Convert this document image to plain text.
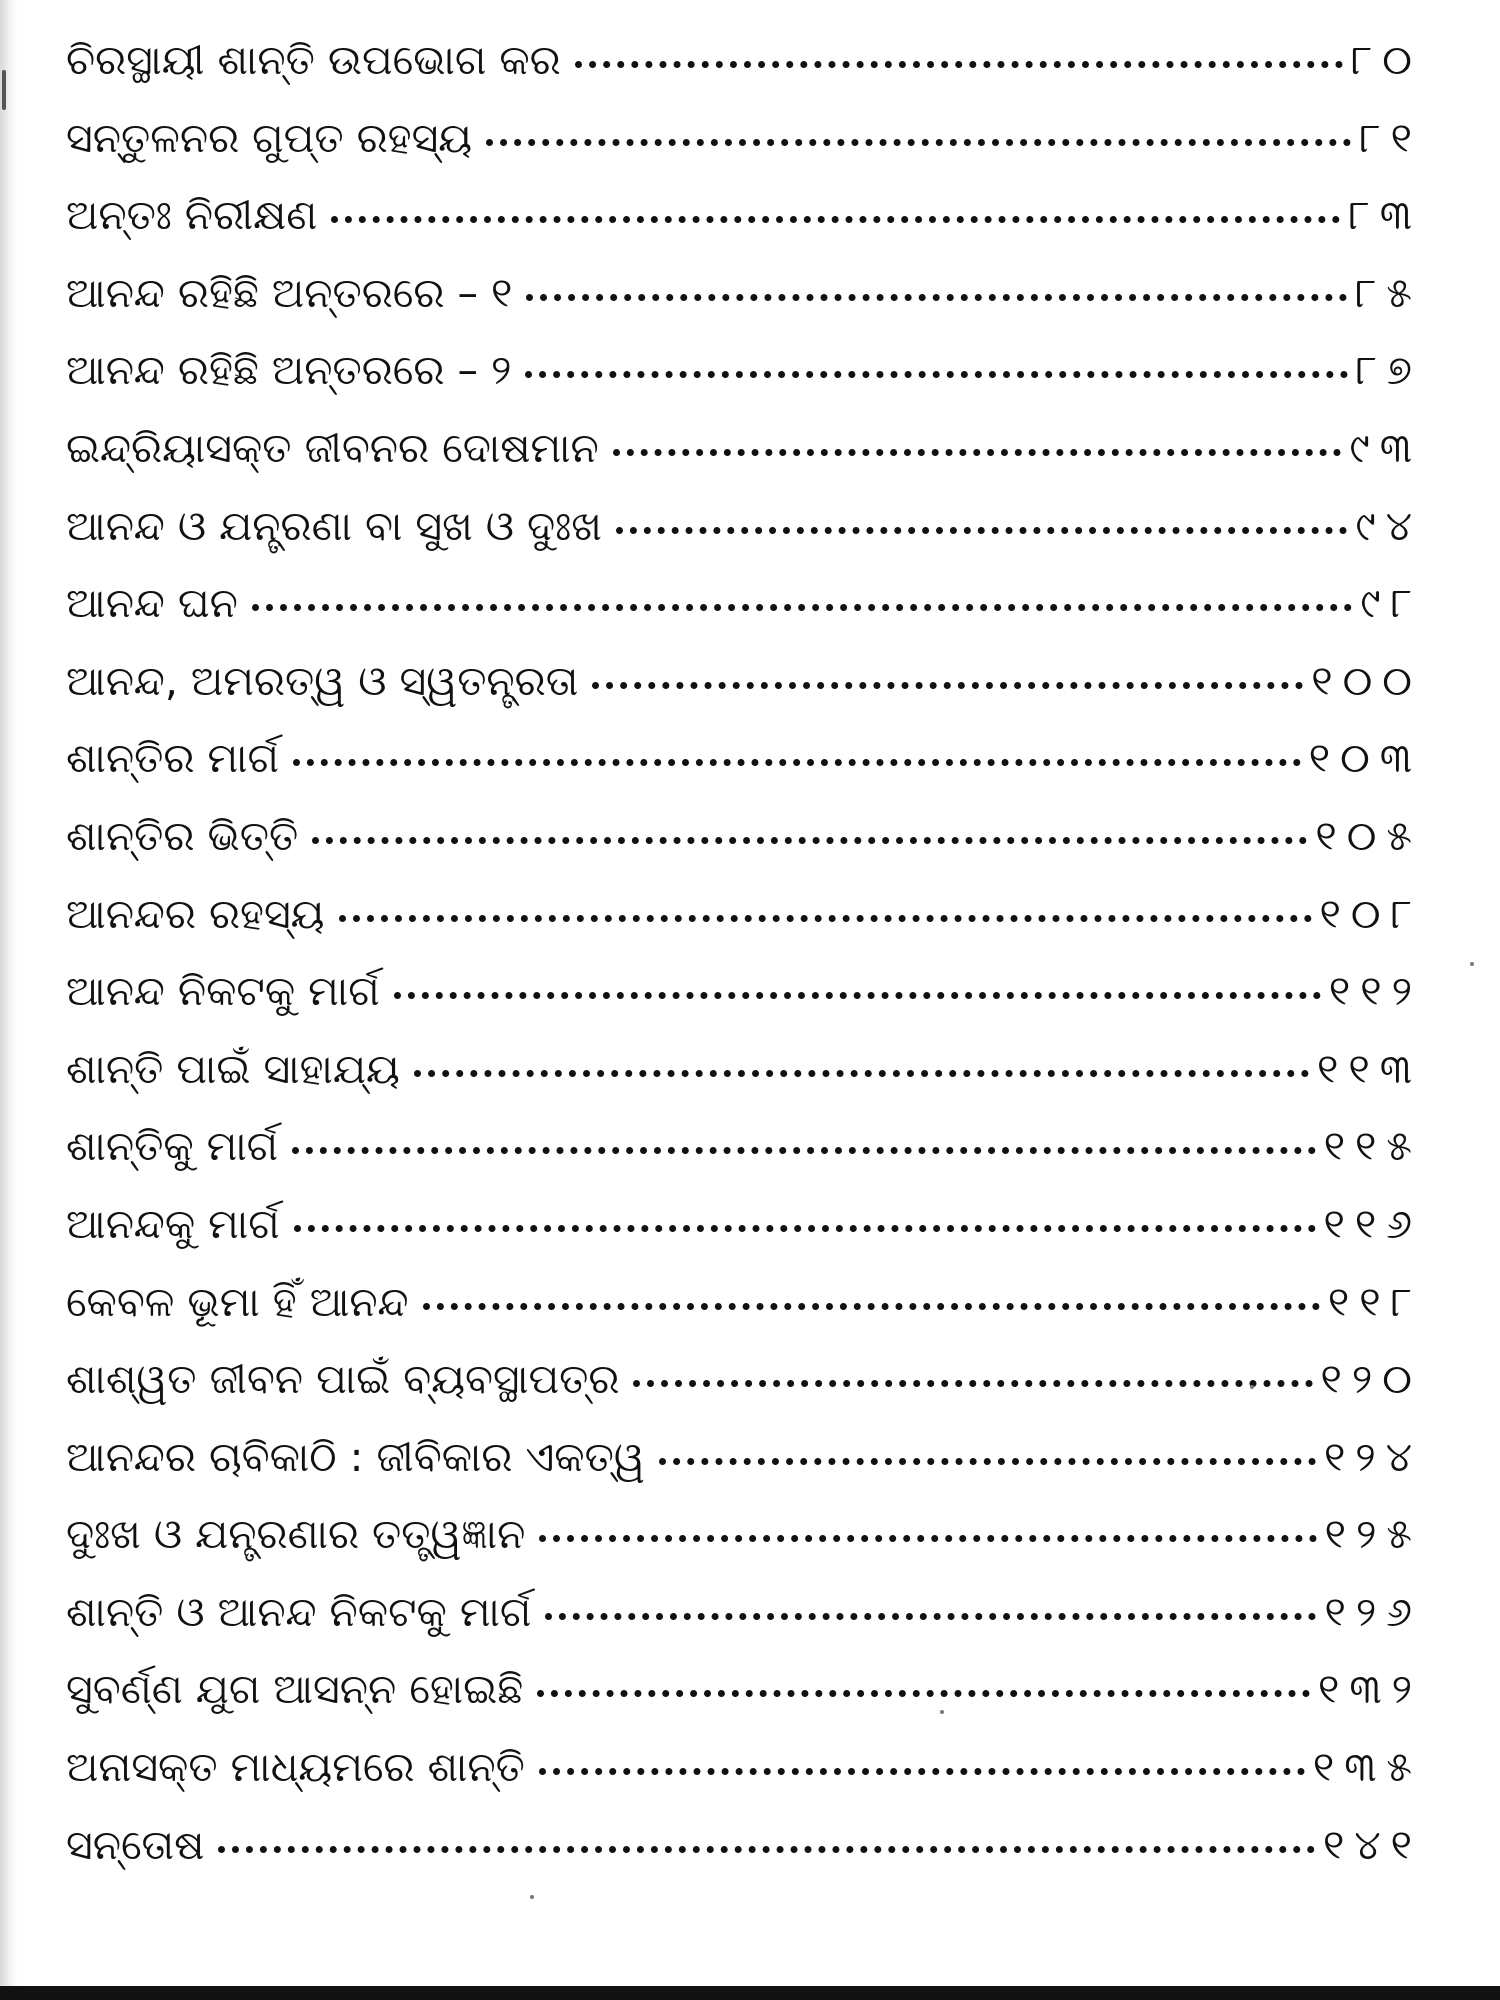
ଚିରସ୍ଥାୟୀ ଶାନ୍ତି ଉପଭୋଗ କର	୮୦
ସନ୍ତୁଳନର ଗୁପ୍ତ ରହସ୍ୟ	୮୧
ଅନ୍ତଃ ନିରୀକ୍ଷଣ	୮୩
ଆନନ୍ଦ ରହିଛି ଅନ୍ତରରେ – ୧	୮୫
ଆନନ୍ଦ ରହିଛି ଅନ୍ତରରେ – ୨	୮୭
ଇନ୍ଦ୍ରିୟାସକ୍ତ ଜୀବନର ଦୋଷମାନ	୯୩
ଆନନ୍ଦ ଓ ଯନ୍ତ୍ରଣା ବା ସୁଖ ଓ ଦୁଃଖ	୯୪
ଆନନ୍ଦ ଘନ	୯୮
ଆନନ୍ଦ, ଅମରତ୍ୱ ଓ ସ୍ୱତନ୍ତ୍ରତା	୧୦୦
ଶାନ୍ତିର ମାର୍ଗ	୧୦୩
ଶାନ୍ତିର ଭିତ୍ତି	୧୦୫
ଆନନ୍ଦର ରହସ୍ୟ	୧୦୮
ଆନନ୍ଦ ନିକଟକୁ ମାର୍ଗ	୧୧୨
ଶାନ୍ତି ପାଇଁ ସାହାଯ୍ୟ	୧୧୩
ଶାନ୍ତିକୁ ମାର୍ଗ	୧୧୫
ଆନନ୍ଦକୁ ମାର୍ଗ	୧୧୬
କେବଳ ଭୂମା ହିଁ ଆନନ୍ଦ	୧୧୮
ଶାଶ୍ୱତ ଜୀବନ ପାଇଁ ବ୍ୟବସ୍ଥାପତ୍ର	୧୨୦
ଆନନ୍ଦର ଚାବିକାଠି : ଜୀବିକାର ଏକତ୍ୱ	୧୨୪
ଦୁଃଖ ଓ ଯନ୍ତ୍ରଣାର ତତ୍ତ୍ୱଜ୍ଞାନ	୧୨୫
ଶାନ୍ତି ଓ ଆନନ୍ଦ ନିକଟକୁ ମାର୍ଗ	୧୨୬
ସୁବର୍ଣ୍ଣ ଯୁଗ ଆସନ୍ନ ହୋଇଛି	୧୩୨
ଅନାସକ୍ତ ମାଧ୍ୟମରେ ଶାନ୍ତି	୧୩୫
ସନ୍ତୋଷ	୧୪୧
